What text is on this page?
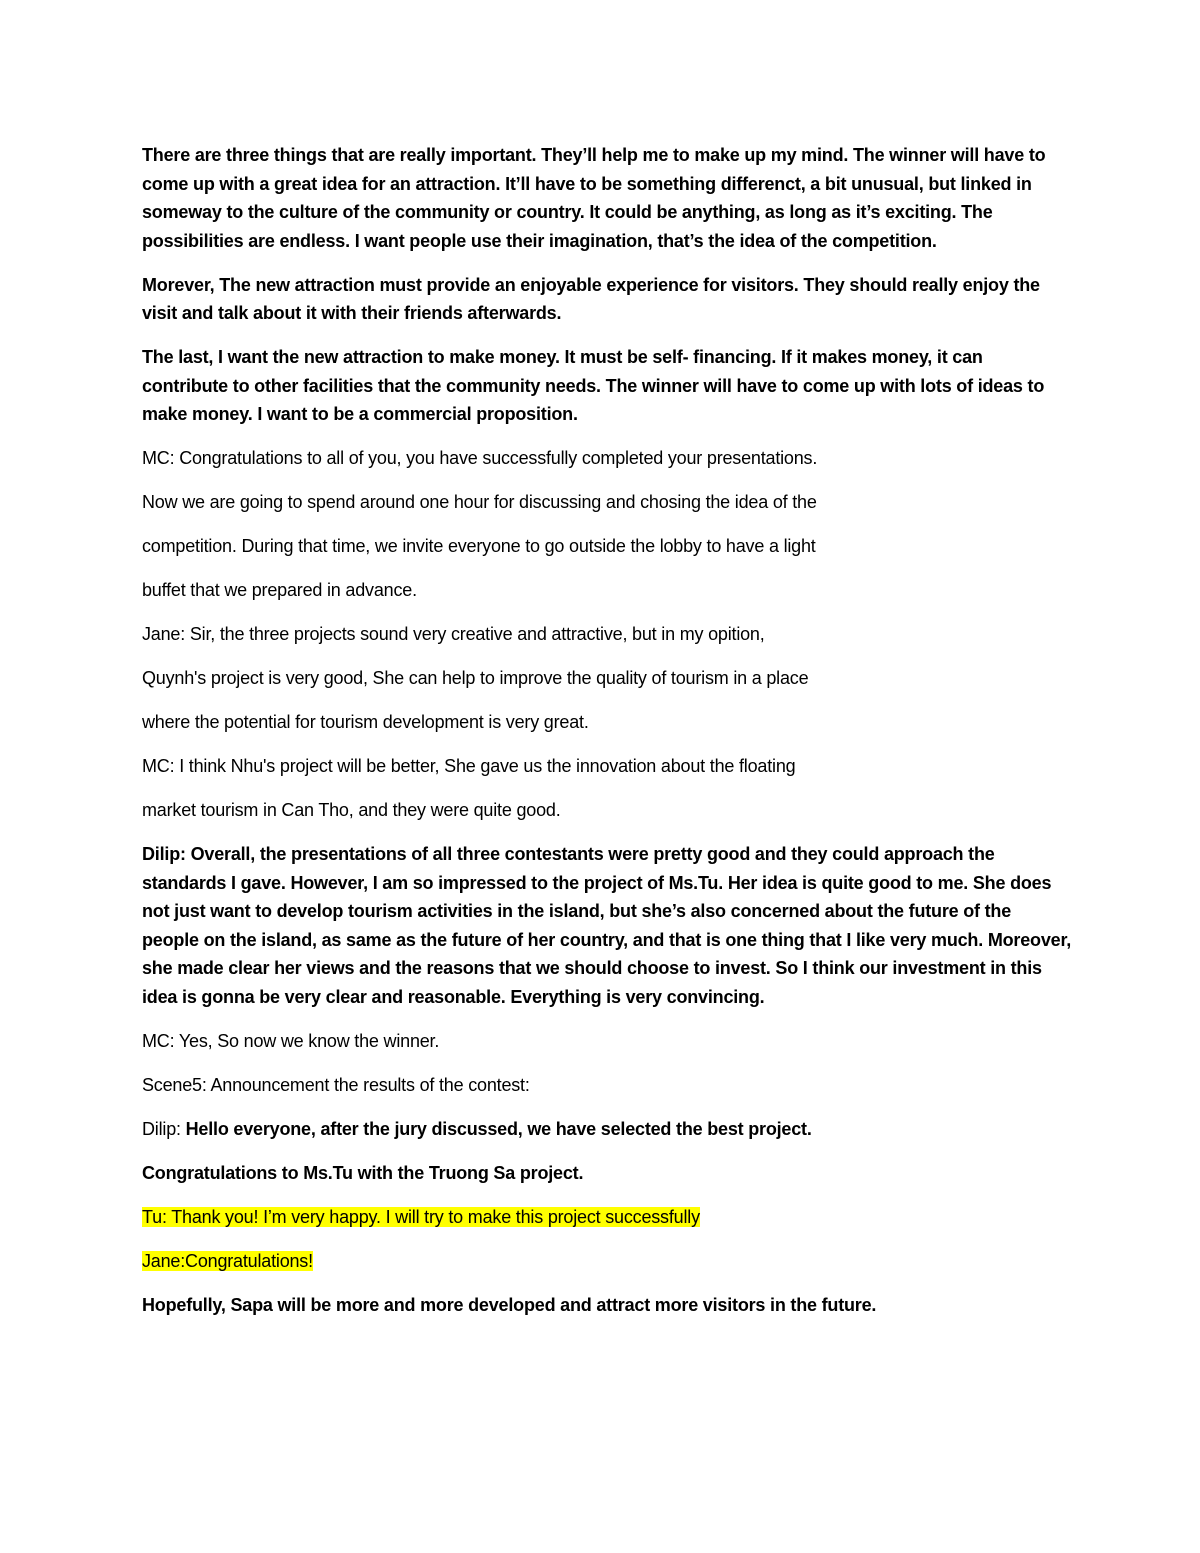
There are three things that are really important. They’ll help me to make up my mind. The winner will have to come up with a great idea for an attraction. It’ll have to be something differenct, a bit unusual, but linked in someway to the culture of the community or country. It could be anything, as long as it’s exciting. The possibilities are endless. I want people use their imagination, that’s the idea of the competition.

Morever, The new attraction must provide an enjoyable experience for visitors. They should really enjoy the visit and talk about it with their friends afterwards.

The last, I want the new attraction to make money. It must be self- financing. If it makes money, it can contribute to other facilities that the community needs. The winner will have to come up with lots of ideas to make money. I want to be a commercial proposition.

MC: Congratulations to all of you, you have successfully completed your presentations.

Now we are going to spend around one hour for discussing and chosing the idea of the

competition. During that time, we invite everyone to go outside the lobby to have a light

buffet that we prepared in advance.

Jane: Sir, the three projects sound very creative and attractive, but in my opition,

Quynh's project is very good, She can help to improve the quality of tourism in a place

where the potential for tourism development is very great.

MC: I think Nhu's project will be better, She gave us the innovation about the floating

market tourism in Can Tho, and they were quite good.

Dilip: Overall, the presentations of all three contestants were pretty good and they could approach the standards I gave. However, I am so impressed to the project of Ms.Tu. Her idea is quite good to me. She does not just want to develop tourism activities in the island, but she’s also concerned about the future of the people on the island, as same as the future of her country, and that is one thing that I like very much. Moreover, she made clear her views and the reasons that we should choose to invest. So I think our investment in this idea is gonna be very clear and reasonable. Everything is very convincing.

MC: Yes, So now we know the winner.

Scene5: Announcement the results of the contest:

Dilip: Hello everyone, after the jury discussed, we have selected the best project.

Congratulations to Ms.Tu with the Truong Sa project.

Tu: Thank you! I’m very happy. I will try to make this project successfully

Jane:Congratulations!

Hopefully, Sapa will be more and more developed and attract more visitors in the future.
